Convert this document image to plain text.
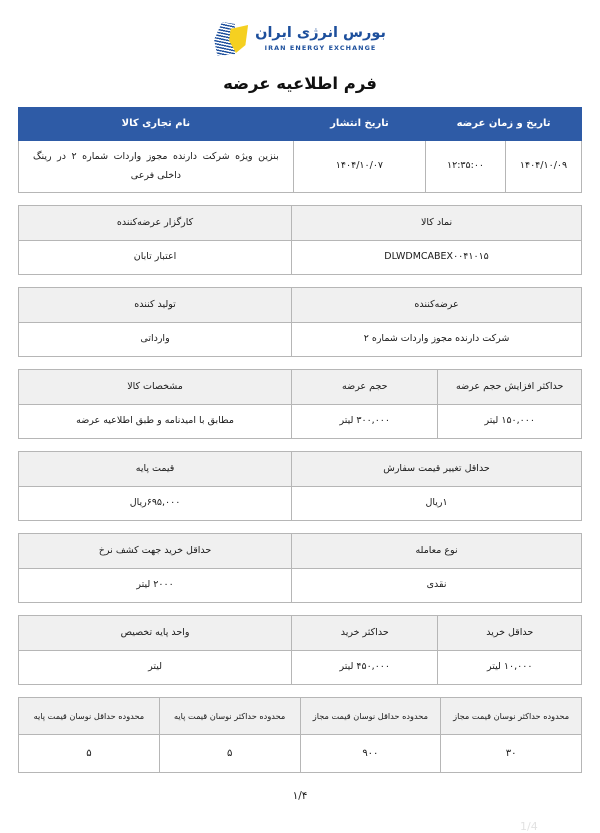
بورس انرژی ایران
IRAN ENERGY EXCHANGE
فرم اطلاعیه عرضه
تاریخ و زمان عرضه		تاریخ انتشار	نام تجاری کالا
۱۴۰۴/۱۰/۰۹	۱۲:۳۵:۰۰	۱۴۰۴/۱۰/۰۷	بنزین ویژه شرکت دارنده مجوز واردات شماره ۲ در رینگ داخلی فرعی
نماد کالا	کارگزار عرضه‌کننده
DLWDMCABEX۰۰۴۱۰۱۵	اعتبار تابان
عرضه‌کننده	تولید کننده
شرکت دارنده مجوز واردات شماره ۲	وارداتی
حداکثر افزایش حجم عرضه	حجم عرضه	مشخصات کالا
۱۵۰,۰۰۰ لیتر	۳۰۰,۰۰۰ لیتر	مطابق با امیدنامه و طبق اطلاعیه عرضه
حداقل تغییر قیمت سفارش	قیمت پایه
۱ریال	۶۹۵,۰۰۰ریال
نوع معامله	حداقل خرید جهت کشف نرخ
نقدی	۲۰۰۰ لیتر
حداقل خرید	حداکثر خرید	واحد پایه تخصیص
۱۰,۰۰۰ لیتر	۴۵۰,۰۰۰ لیتر	لیتر
محدوده حداکثر نوسان قیمت مجاز	محدوده حداقل نوسان قیمت مجاز	محدوده حداکثر نوسان قیمت پایه	محدوده حداقل نوسان قیمت پایه
۳۰	۹۰۰	۵	۵
۱/۴
1/4
